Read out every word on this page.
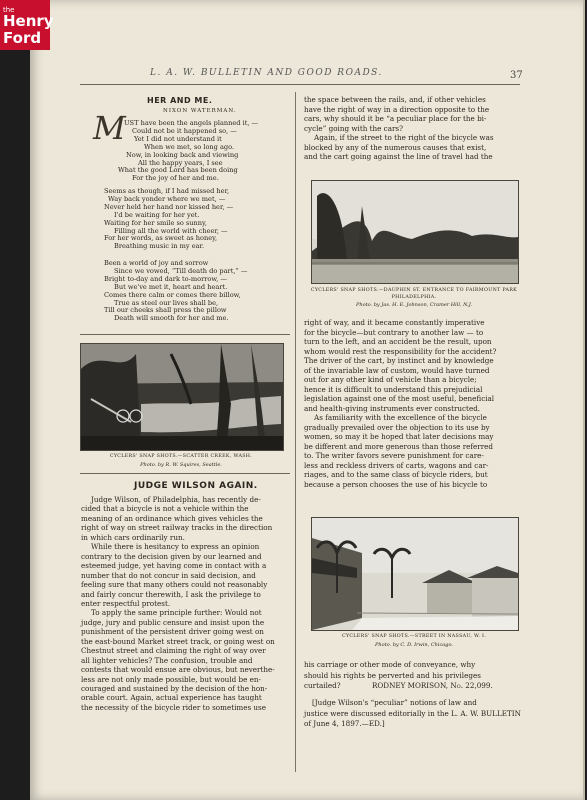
the
Henry
Ford
L. A. W. BULLETIN AND GOOD ROADS.	37
HER AND ME.
NIXON WATERMAN.
M
UST have been the angels planned it, —
Could not be it happened so, —
Yet I did not understand it
When we met, so long ago.
Now, in looking back and viewing
All the happy years, I see
What the good Lord has been doing
For the joy of her and me.
Seems as though, if I had missed her,
Way back yonder where we met, —
Never held her hand nor kissed her, —
I'd be waiting for her yet.
Waiting for her smile so sunny,
Filling all the world with cheer, —
For her words, as sweet as honey,
Breathing music in my ear.
Been a world of joy and sorrow
Since we vowed, “Till death do part,” —
Bright to-day and dark to-morrow, —
But we've met it, heart and heart.
Comes there calm or comes there billow,
True as steel our lives shall be,
Till our cheeks shall press the pillow
Death will smooth for her and me.
CYCLERS' SNAP SHOTS.—SCATTER CREEK, WASH.
Photo. by R. W. Squires, Seattle.
JUDGE WILSON AGAIN.
Judge Wilson, of Philadelphia, has recently de-
cided that a bicycle is not a vehicle within the
meaning of an ordinance which gives vehicles the
right of way on street railway tracks in the direction
in which cars ordinarily run.
While there is hesitancy to express an opinion
contrary to the decision given by our learned and
esteemed judge, yet having come in contact with a
number that do not concur in said decision, and
feeling sure that many others could not reasonably
and fairly concur therewith, I ask the privilege to
enter respectful protest.
To apply the same principle further: Would not
judge, jury and public censure and insist upon the
punishment of the persistent driver going west on
the east-bound Market street track, or going west on
Chestnut street and claiming the right of way over
all lighter vehicles? The confusion, trouble and
contests that would ensue are obvious, but neverthe-
less are not only made possible, but would be en-
couraged and sustained by the decision of the hon-
orable court. Again, actual experience has taught
the necessity of the bicycle rider to sometimes use
the space between the rails, and, if other vehicles
have the right of way in a direction opposite to the
cars, why should it be “a peculiar place for the bi-
cycle” going with the cars?
Again, if the street to the right of the bicycle was
blocked by any of the numerous causes that exist,
and the cart going against the line of travel had the
CYCLERS' SNAP SHOTS.—DAUPHIN ST. ENTRANCE TO FAIRMOUNT PARK
PHILADELPHIA.
Photo. by Jas. H. E. Johnson, Cramer Hill, N.J.
right of way, and it became constantly imperative
for the bicycle—but contrary to another law — to
turn to the left, and an accident be the result, upon
whom would rest the responsibility for the accident?
The driver of the cart, by instinct and by knowledge
of the invariable law of custom, would have turned
out for any other kind of vehicle than a bicycle;
hence it is difficult to understand this prejudicial
legislation against one of the most useful, beneficial
and health-giving instruments ever constructed.
As familiarity with the excellence of the bicycle
gradually prevailed over the objection to its use by
women, so may it be hoped that later decisions may
be different and more generous than those referred
to. The writer favors severe punishment for care-
less and reckless drivers of carts, wagons and car-
riages, and to the same class of bicycle riders, but
because a person chooses the use of his bicycle to
CYCLERS' SNAP SHOTS.—STREET IN NASSAU, W. I.
Photo. by C. D. Irwin, Chicago.
his carriage or other mode of conveyance, why
should his rights be perverted and his privileges
curtailed?	RODNEY MORISON, No. 22,099.
[Judge Wilson's “peculiar” notions of law and
justice were discussed editorially in the L. A. W. BULLETIN
of June 4, 1897.—ED.]
